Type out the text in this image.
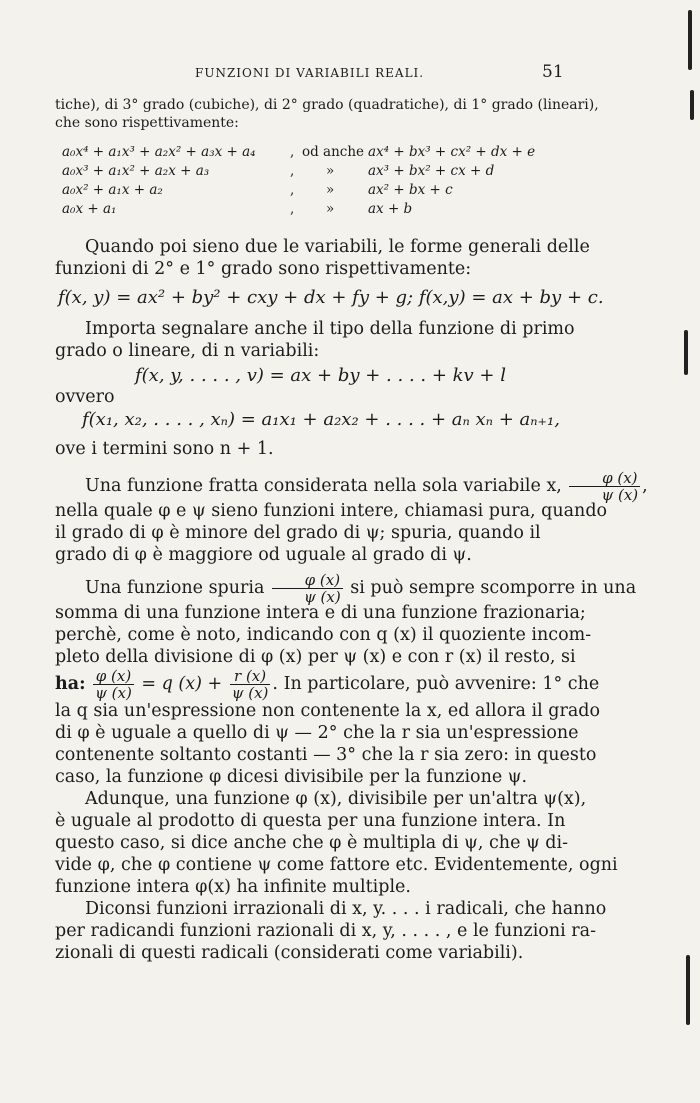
FUNZIONI DI VARIABILI REALI.	51
tiche), di 3° grado (cubiche), di 2° grado (quadratiche), di 1° grado (lineari),
che sono rispettivamente:
a₀x⁴ + a₁x³ + a₂x² + a₃x + a₄	, od anche ax⁴ + bx³ + cx² + dx + e
a₀x³ + a₁x² + a₂x + a₃	, » ax³ + bx² + cx + d
a₀x² + a₁x + a₂	, » ax² + bx + c
a₀x + a₁	, » ax + b
Quando poi sieno due le variabili, le forme generali delle
funzioni di 2° e 1° grado sono rispettivamente:
f(x, y) = ax² + by² + cxy + dx + fy + g; f(x,y) = ax + by + c.
Importa segnalare anche il tipo della funzione di primo
grado o lineare, di n variabili:
f(x, y, . . . . , v) = ax + by + . . . . + kv + l
ovvero
f(x₁, x₂, . . . . , xₙ) = a₁x₁ + a₂x₂ + . . . . + aₙ xₙ + aₙ₊₁,
ove i termini sono n + 1.
Una funzione fratta considerata nella sola variabile x, $\frac{\varphi (x)}{\psi (x)}$ ,
nella quale φ e ψ sieno funzioni intere, chiamasi pura, quando
il grado di φ è minore del grado di ψ; spuria, quando il
grado di φ è maggiore od uguale al grado di ψ.
Una funzione spuria $\frac{\varphi (x)}{\psi (x)}$ si può sempre scomporre in una
somma di una funzione intera e di una funzione frazionaria;
perchè, come è noto, indicando con q (x) il quoziente incom-
pleto della divisione di φ (x) per ψ (x) e con r (x) il resto, si
ha: $\frac{\varphi (x)}{\psi (x)} = q$ $(x) + \frac{r (x)}{\psi (x)}$ . In particolare, può avvenire: 1° che
la q sia un'espressione non contenente la x, ed allora il grado
di φ è uguale a quello di ψ — 2° che la r sia un'espressione
contenente soltanto costanti — 3° che la r sia zero: in questo
caso, la funzione φ dicesi divisibile per la funzione ψ.
Adunque, una funzione φ (x), divisibile per un'altra ψ(x),
è uguale al prodotto di questa per una funzione intera. In
questo caso, si dice anche che φ è multipla di ψ, che ψ di-
vide φ, che φ contiene ψ come fattore etc. Evidentemente, ogni
funzione intera φ(x) ha infinite multiple.
Diconsi funzioni irrazionali di x, y. . . . i radicali, che hanno
per radicandi funzioni razionali di x, y, . . . . , e le funzioni ra-
zionali di questi radicali (considerati come variabili).
